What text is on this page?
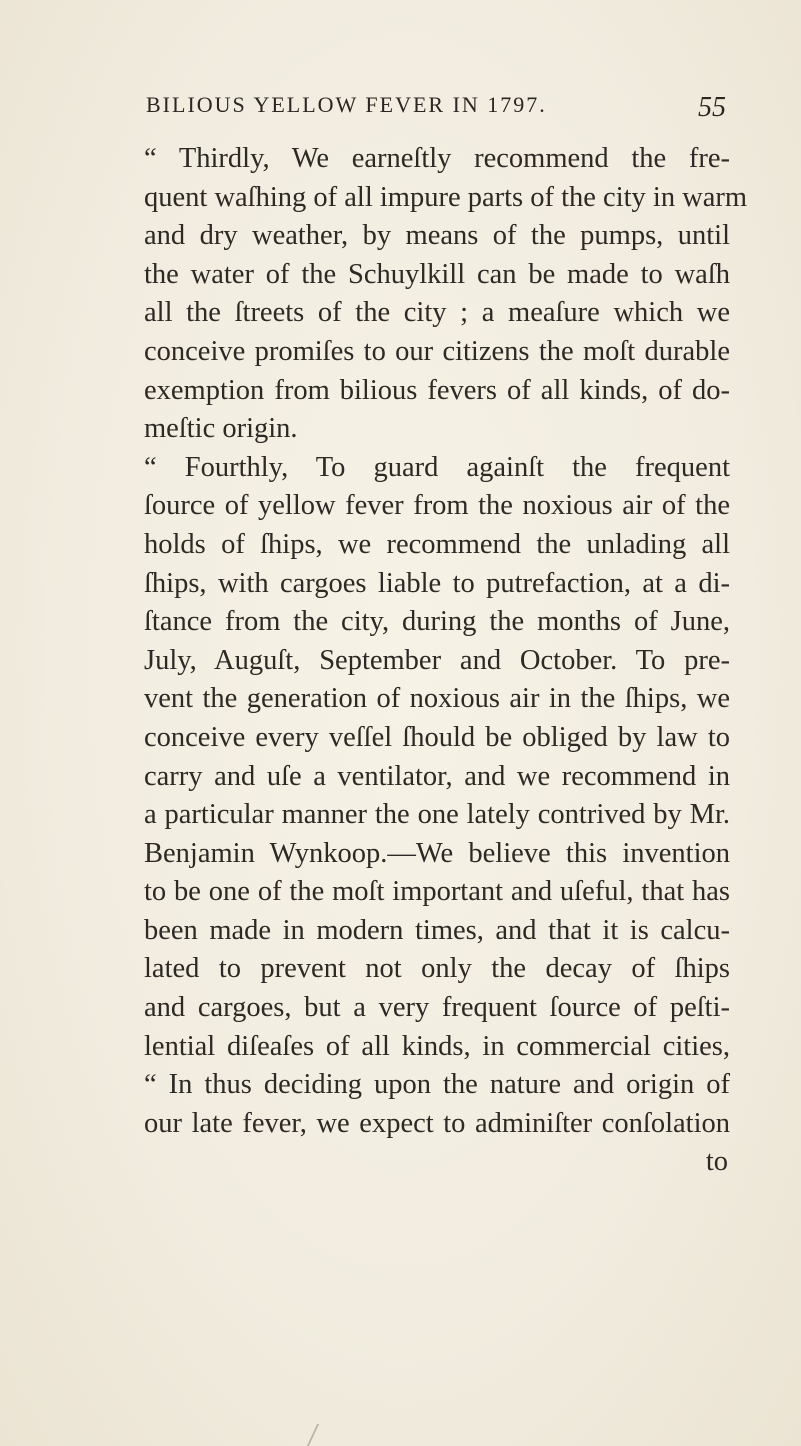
BILIOUS YELLOW FEVER IN 1797.	55
“ Thirdly, We earneſtly recommend the fre-
quent waſhing of all impure parts of the city in warm
and dry weather, by means of the pumps, until
the water of the Schuylkill can be made to waſh
all the ſtreets of the city ; a meaſure which we
conceive promiſes to our citizens the moſt durable
exemption from bilious fevers of all kinds, of do-
meſtic origin.
“ Fourthly, To guard againſt the frequent
ſource of yellow fever from the noxious air of the
holds of ſhips, we recommend the unlading all
ſhips, with cargoes liable to putrefaction, at a di-
ſtance from the city, during the months of June,
July, Auguſt, September and October. To pre-
vent the generation of noxious air in the ſhips, we
conceive every veſſel ſhould be obliged by law to
carry and uſe a ventilator, and we recommend in
a particular manner the one lately contrived by Mr.
Benjamin Wynkoop.—We believe this invention
to be one of the moſt important and uſeful, that has
been made in modern times, and that it is calcu-
lated to prevent not only the decay of ſhips
and cargoes, but a very frequent ſource of peſti-
lential diſeaſes of all kinds, in commercial cities,
“ In thus deciding upon the nature and origin of
our late fever, we expect to adminiſter conſolation
to
